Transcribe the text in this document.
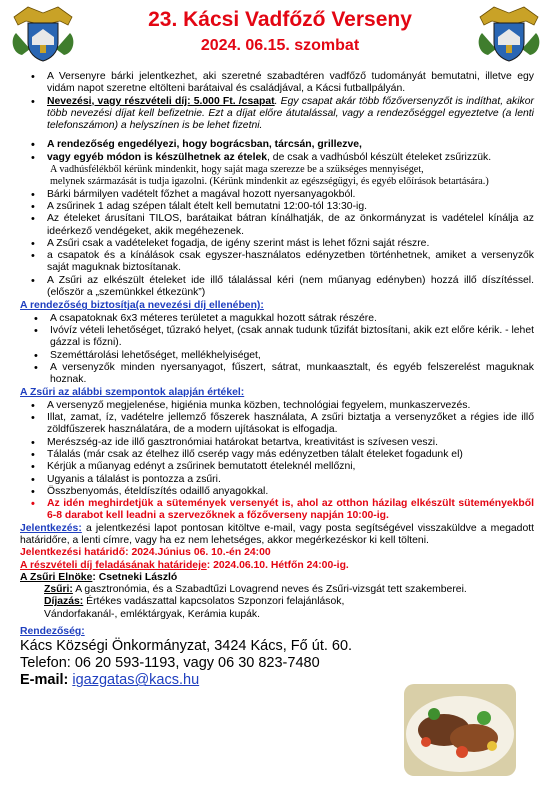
23. Kácsi Vadfőző Verseny
2024. 06.15. szombat
• A Versenyre bárki jelentkezhet, aki szeretné szabadtéren vadfőző tudományát bemutatni, illetve egy vidám napot szeretne eltölteni barátaival és családjával, a Kácsi futballpályán.
• Nevezési, vagy részvételi díj: 5.000 Ft. /csapat. Egy csapat akár több főzőversenyzőt is indíthat, akikor több nevezési díjat kell befizetnie. Ezt a díjat előre átutalással, vagy a rendezőséggel egyeztetve (a lenti telefonszámon) a helyszínen is be lehet fizetni.
• A rendezőség engedélyezi, hogy bográcsban, tárcsán, grillezve,
• vagy egyéb módon is készülhetnek az ételek, de csak a vadhúsból készült ételeket zsűrizzük.
A vadhúsfélékből kérünk mindenkit, hogy saját maga szerezze be a szükséges mennyiséget,
melynek származását is tudja igazolni. (Kérünk mindenkit az egészségügyi, és egyéb előírások betartására.)
• Bárki bármilyen vadételt főzhet a magával hozott nyersanyagokból.
• A zsűrinek 1 adag szépen tálalt ételt kell bemutatni 12:00-tól 13:30-ig.
• Az ételeket árusítani TILOS, barátaikat bátran kínálhatják, de az önkormányzat is vadételel kínálja az ideérkező vendégeket, akik megéhezenek.
• A Zsűri csak a vadételeket fogadja, de igény szerint mást is lehet főzni saját részre.
• a csapatok és a kínálások csak egyszer-használatos edényzetben történhetnek, amiket a versenyzők saját maguknak biztosítanak.
• A Zsűri az elkészült ételeket ide illő tálalással kéri (nem műanyag edényben) hozzá illő díszítéssel.(először a „szemünkkel étkezünk”)
A rendezőség biztosítja(a nevezési díj ellenében):
• A csapatoknak 6x3 méteres területet a magukkal hozott sátrak részére.
• Ivóvíz vételi lehetőséget, tűzrakó helyet, (csak annak tudunk tűzifát biztosítani, akik ezt előre kérik. - lehet gázzal is főzni).
• Szeméttárolási lehetőséget, mellékhelyiséget,
• A versenyzők minden nyersanyagot, fűszert, sátrat, munkaasztalt, és egyéb felszerelést maguknak hoznak.
A Zsűri az alábbi szempontok alapján értékel:
• A versenyző megjelenése, higiénia munka közben, technológiai fegyelem, munkaszervezés.
• Illat, zamat, íz, vadételre jellemző főszerek használata, A zsűri biztatja a versenyzőket a régies ide illő zöldfűszerek használatára, de a modern ujításokat is elfogadja.
• Merészség-az ide illő gasztronómiai határokat betartva, kreativitást is szívesen veszi.
• Tálalás (már csak az ételhez illő cserép vagy más edényzetben tálalt ételeket fogadunk el)
• Kérjük a műanyag edényt a zsűrinek bemutatott ételeknél mellőzni,
• Ugyanis a tálalást is pontozza a zsűri.
• Összbenyomás, ételdíszítés odaillő anyagokkal.
• Az idén meghirdetjük a sütemények versenyét is, ahol az otthon házilag elkészült süteményekből 6-8 darabot kell leadni a szervezőknek a főzőverseny napján 10:00-ig.
Jelentkezés: a jelentkezési lapot pontosan kitöltve e-mail, vagy posta segítségével visszaküldve a megadott határidőre, a lenti címre, vagy ha ez nem lehetséges, akkor megérkezéskor ki kell tölteni.
Jelentkezési határidő: 2024.Június 06. 10.-én 24:00
A részvételi díj feladásának határideje: 2024.06.10. Hétfőn 24:00-ig.
A Zsűri Elnöke: Csetneki László
Zsűri: A gasztronómia, és a Szabadtűzi Lovagrend neves és Zsűri-vizsgát tett szakemberei.
Díjazás: Értékes vadászattal kapcsolatos Szponzori felajánlások,
Vándorfakanál-, emléktárgyak, Kerámia kupák.
Rendezőség:
Kács Községi Önkormányzat, 3424 Kács, Fő út. 60.
Telefon: 06 20 593-1193, vagy 06 30 823-7480
E-mail: igazgatas@kacs.hu
